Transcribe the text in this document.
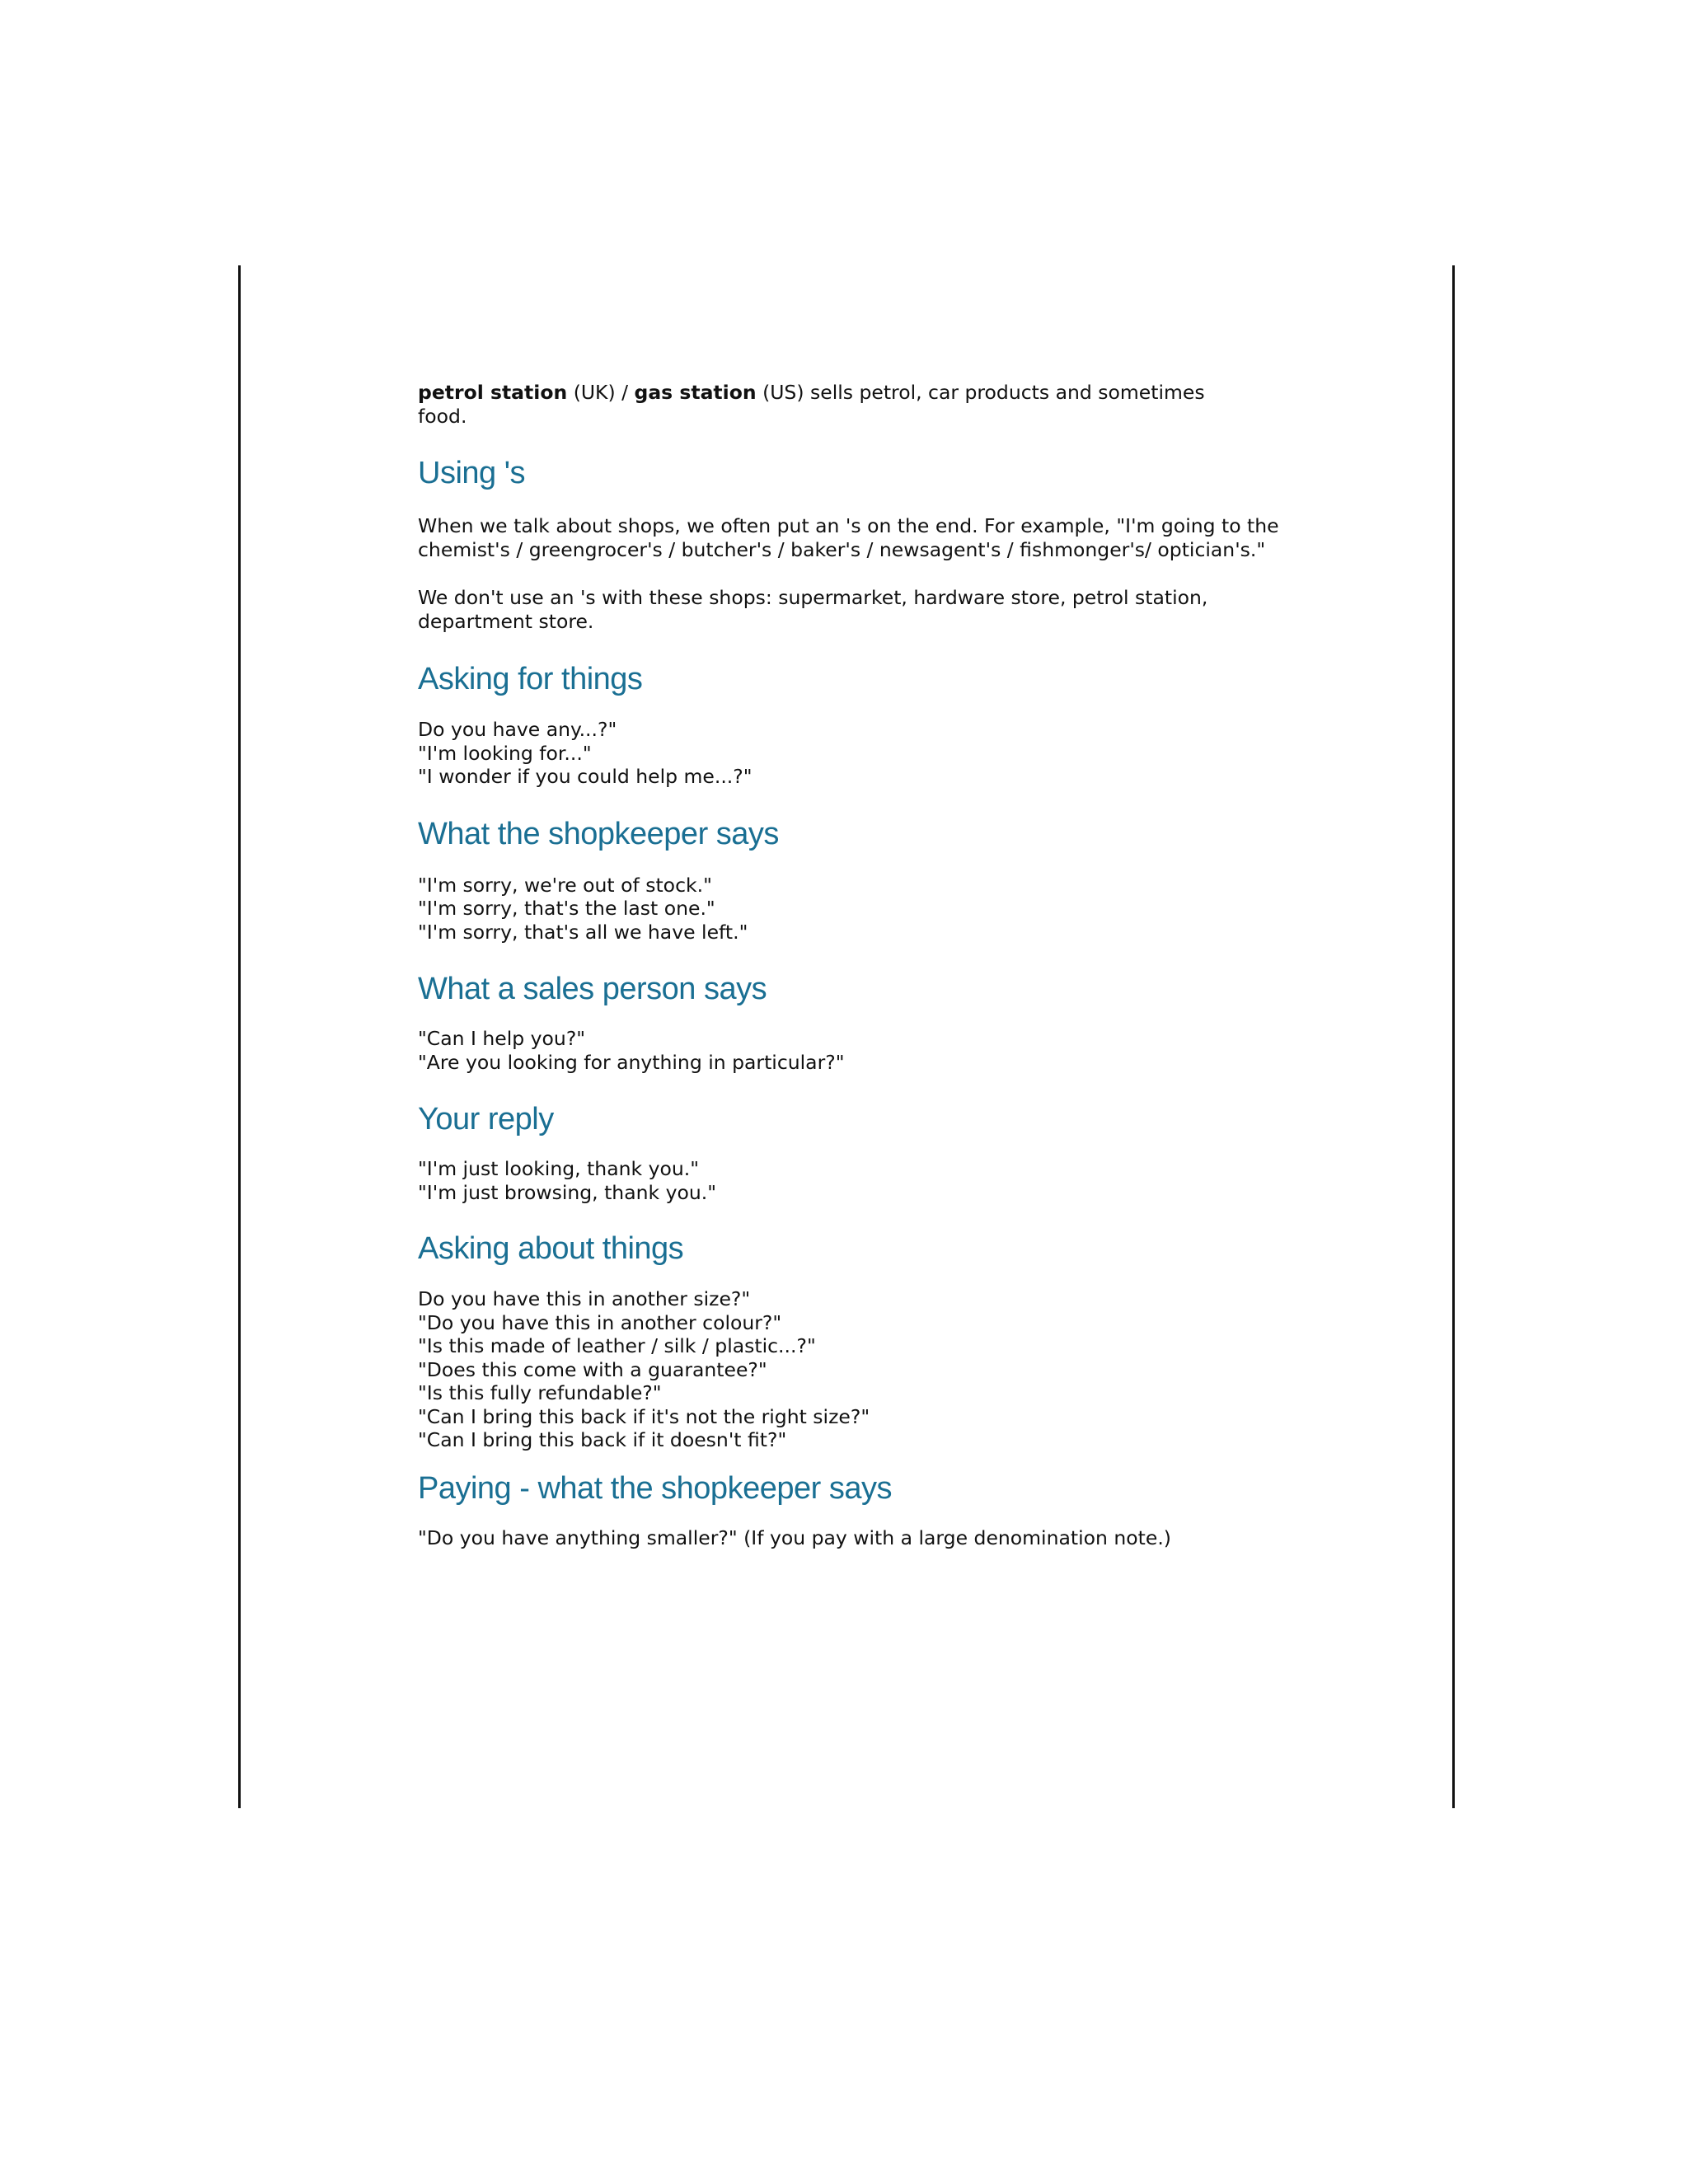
petrol station (UK) / gas station (US) sells petrol, car products and sometimes food.

Using 's

When we talk about shops, we often put an 's on the end. For example, "I'm going to the chemist's / greengrocer's / butcher's / baker's / newsagent's / fishmonger's/ optician's."

We don't use an 's with these shops: supermarket, hardware store, petrol station, department store.

Asking for things
Do you have any...?"
"I'm looking for..."
"I wonder if you could help me...?"
What the shopkeeper says
"I'm sorry, we're out of stock."
"I'm sorry, that's the last one."
"I'm sorry, that's all we have left."
What a sales person says
"Can I help you?"
"Are you looking for anything in particular?"
Your reply
"I'm just looking, thank you."
"I'm just browsing, thank you."
Asking about things
Do you have this in another size?"
"Do you have this in another colour?"
"Is this made of leather / silk / plastic...?"
"Does this come with a guarantee?"
"Is this fully refundable?"
"Can I bring this back if it's not the right size?"
"Can I bring this back if it doesn't fit?"
Paying - what the shopkeeper says
"Do you have anything smaller?" (If you pay with a large denomination note.)
